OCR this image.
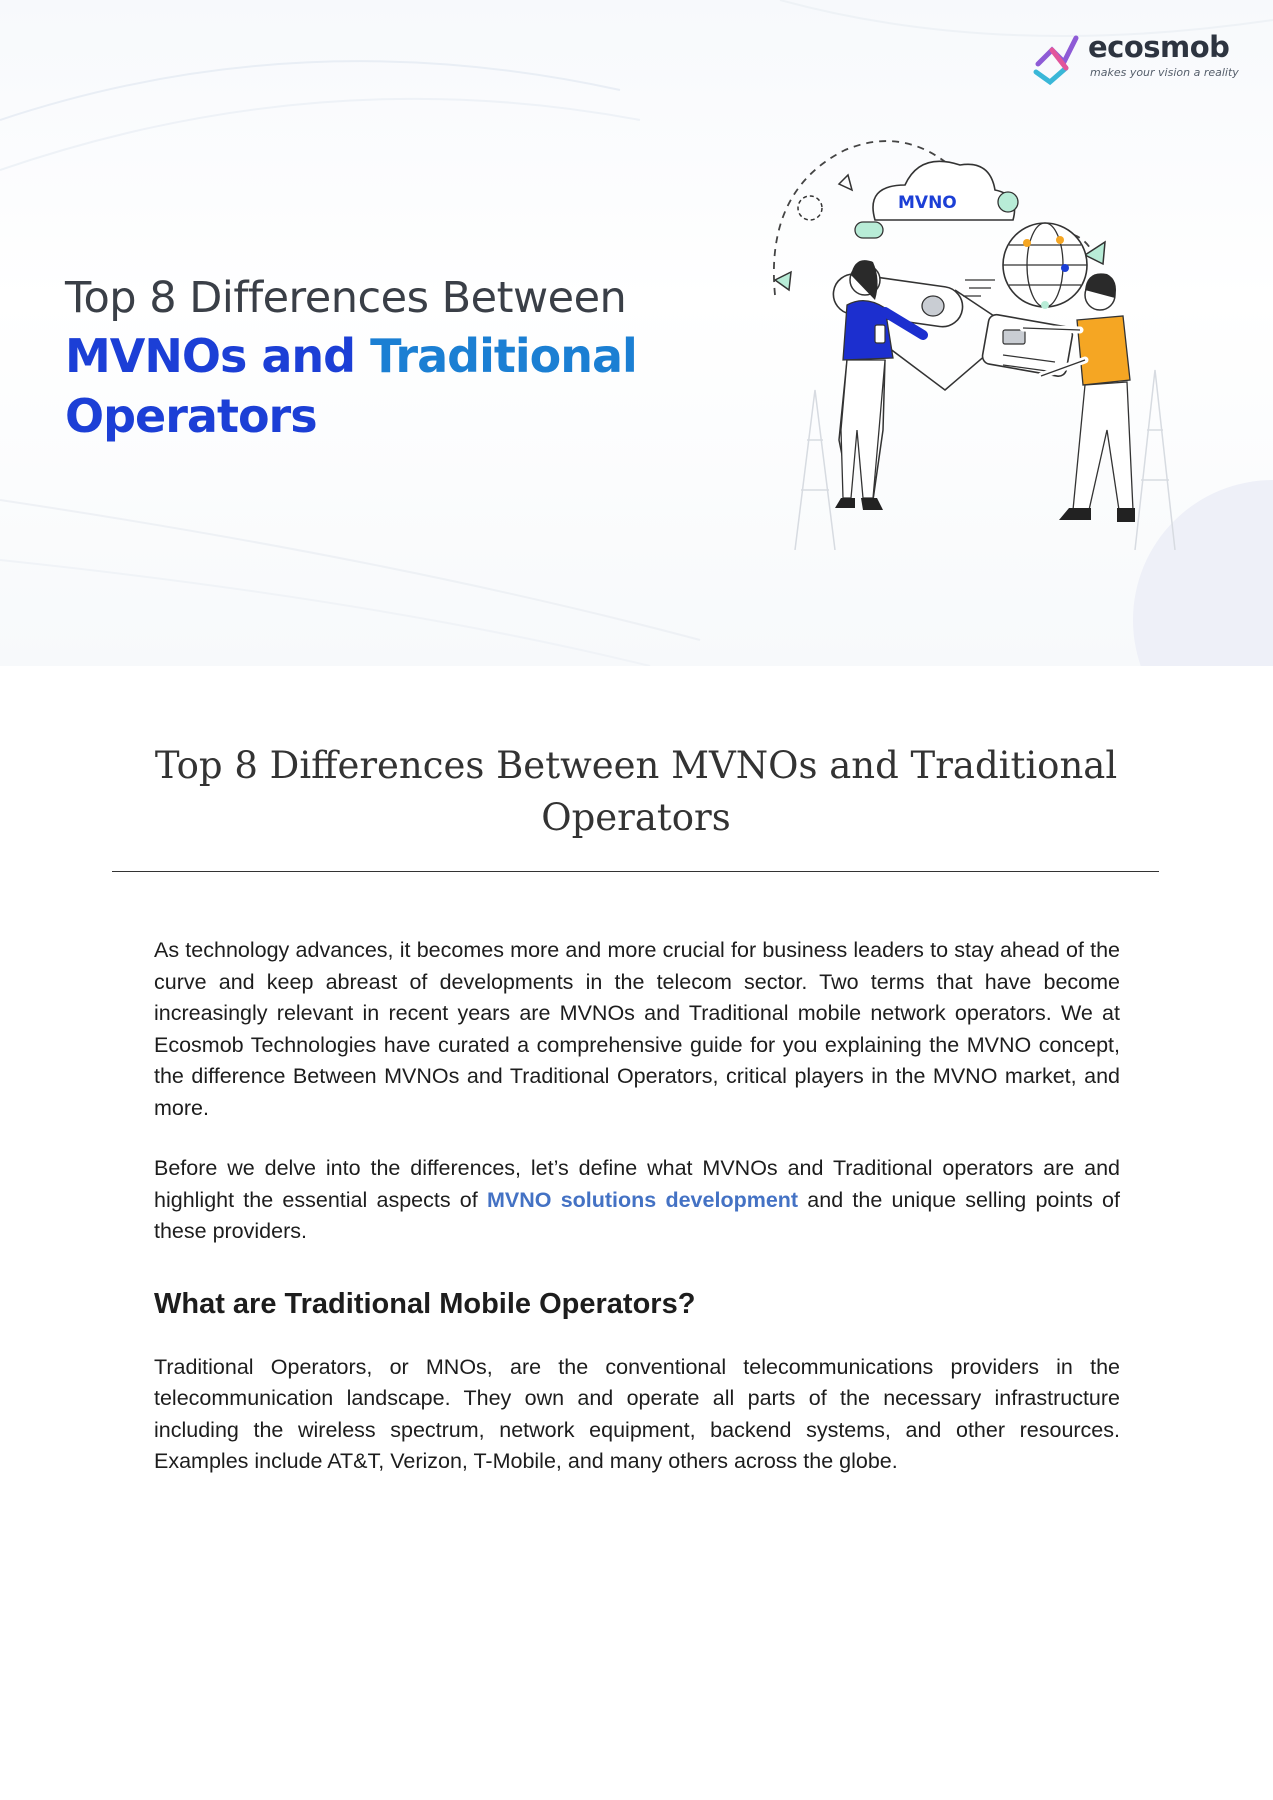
ecosmob
makes your vision a reality
Top 8 Differences Between
MVNOs and Traditional
Operators
MVNO
Top 8 Differences Between MVNOs and Traditional Operators

As technology advances, it becomes more and more crucial for business leaders to stay ahead of the curve and keep abreast of developments in the telecom sector. Two terms that have become increasingly relevant in recent years are MVNOs and Traditional mobile network operators. We at Ecosmob Technologies have curated a comprehensive guide for you explaining the MVNO concept, the difference Between MVNOs and Traditional Operators, critical players in the MVNO market, and more.

Before we delve into the differences, let’s define what MVNOs and Traditional operators are and highlight the essential aspects of MVNO solutions development and the unique selling points of these providers.

What are Traditional Mobile Operators?

Traditional Operators, or MNOs, are the conventional telecommunications providers in the telecommunication landscape. They own and operate all parts of the necessary infrastructure including the wireless spectrum, network equipment, backend systems, and other resources. Examples include AT&T, Verizon, T-Mobile, and many others across the globe.
